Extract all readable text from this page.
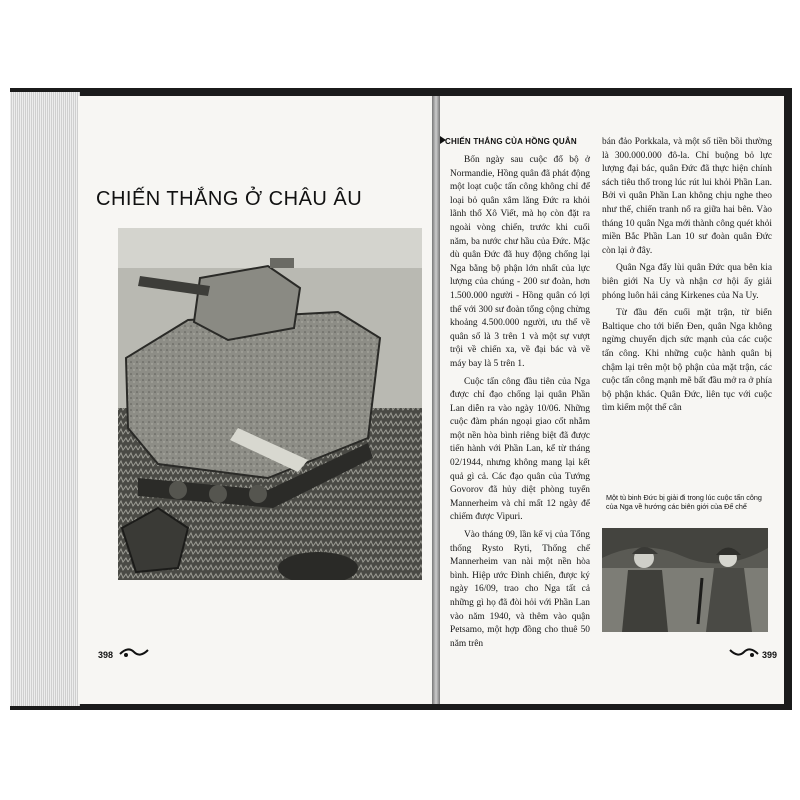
CHIẾN THẮNG Ở CHÂU ÂU
398
CHIẾN THẮNG CỦA HỒNG QUÂN

Bốn ngày sau cuộc đổ bộ ở Normandie, Hồng quân đã phát động một loạt cuộc tấn công không chỉ để loại bỏ quân xâm lăng Đức ra khỏi lãnh thổ Xô Viết, mà họ còn đặt ra ngoài vòng chiến, trước khi cuối năm, ba nước chư hầu của Đức. Mặc dù quân Đức đã huy động chống lại Nga bằng bộ phận lớn nhất của lực lượng của chúng - 200 sư đoàn, hơn 1.500.000 người - Hồng quân có lợi thế với 300 sư đoàn tổng cộng chừng khoảng 4.500.000 người, ưu thế về quân số là 3 trên 1 và một sự vượt trội về chiến xa, về đại bác và về máy bay là 5 trên 1.

Cuộc tấn công đầu tiên của Nga được chỉ đạo chống lại quân Phần Lan diễn ra vào ngày 10/06. Những cuộc đàm phán ngoại giao cốt nhằm một nền hòa bình riêng biệt đã được tiến hành với Phần Lan, kể từ tháng 02/1944, nhưng không mang lại kết quả gì cả. Các đạo quân của Tướng Govorov đã hủy diệt phòng tuyến Mannerheim và chỉ mất 12 ngày để chiếm được Vipuri.

Vào tháng 09, lần kế vị của Tổng thống Rysto Ryti, Thống chế Mannerheim van nài một nền hòa bình. Hiệp ước Đình chiến, được ký ngày 16/09, trao cho Nga tất cả những gì họ đã đòi hỏi với Phần Lan vào năm 1940, và thêm vào quận Petsamo, một hợp đồng cho thuê 50 năm trên

bán đảo Porkkala, và một số tiền bồi thường là 300.000.000 đô-la. Chỉ buộng bỏ lực lượng đại bác, quân Đức đã thực hiện chính sách tiêu thổ trong lúc rút lui khỏi Phần Lan. Bởi vì quân Phần Lan không chịu nghe theo như thế, chiến tranh nổ ra giữa hai bên. Vào tháng 10 quân Nga mới thành công quét khỏi miền Bắc Phần Lan 10 sư đoàn quân Đức còn lại ở đây.

Quân Nga đẩy lùi quân Đức qua bên kia biên giới Na Uy và nhận cơ hội ấy giải phóng luôn hải cảng Kirkenes của Na Uy.

Từ đầu đến cuối mặt trận, từ biển Baltique cho tới biển Đen, quân Nga không ngừng chuyển dịch sức mạnh của các cuộc tấn công. Khi những cuộc hành quân bị chậm lại trên một bộ phận của mặt trận, các cuộc tấn công mạnh mẽ bất đầu mở ra ở phía bộ phận khác. Quân Đức, liên tục với cuộc tìm kiếm một thế cân

Một tù binh Đức bị giải đi trong lúc cuộc tấn công của Nga về hướng các biên giới của Đế chế
399
